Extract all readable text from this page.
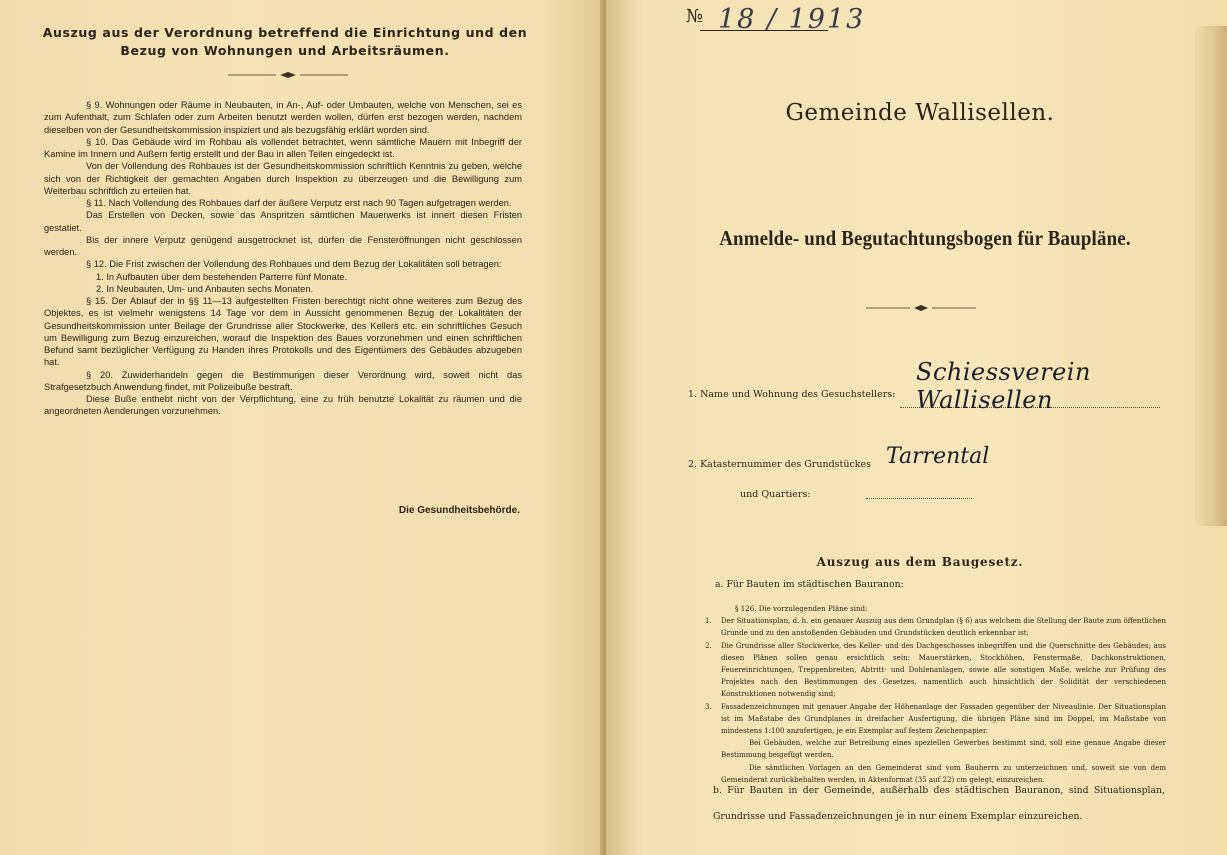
Auszug aus der Verordnung betreffend die Einrichtung und den
Bezug von Wohnungen und Arbeitsräumen.

§ 9. Wohnungen oder Räume in Neubauten, in An-, Auf- oder Umbauten, welche von Menschen, sei es zum Aufenthalt, zum Schlafen oder zum Arbeiten benutzt werden wollen, dürfen erst bezogen werden, nachdem dieselben von der Gesundheitskommission inspiziert und als bezugsfähig erklärt worden sind.

§ 10. Das Gebäude wird im Rohbau als vollendet betrachtet, wenn sämtliche Mauern mit Inbegriff der Kamine im Innern und Außern fertig erstellt und der Bau in allen Teilen eingedeckt ist.

Von der Vollendung des Rohbaues ist der Gesundheitskommission schriftlich Kenntnis zu geben, welche sich von der Richtigkeit der gemachten Angaben durch Inspektion zu überzeugen und die Bewilligung zum Weiterbau schriftlich zu erteilen hat.

§ 11. Nach Vollendung des Rohbaues darf der äußere Verputz erst nach 90 Tagen aufgetragen werden.

Das Erstellen von Decken, sowie das Anspritzen sämtlichen Mauerwerks ist innert diesen Fristen gestatiet.

Bis der innere Verputz genügend ausgetrocknet ist, dürfen die Fensteröffnungen nicht geschlossen werden.

§ 12. Die Frist zwischen der Vollendung des Rohbaues und dem Bezug der Lokalitäten soll betragen:

1. In Aufbauten über dem bestehenden Parterre fünf Monate.

2. In Neubauten, Um- und Anbauten sechs Monaten.

§ 15. Der Ablauf der in §§ 11—13 aufgestellten Fristen berechtigt nicht ohne weiteres zum Bezug des Objektes, es ist vielmehr wenigstens 14 Tage vor dem in Aussicht genommenen Bezug der Lokalitäten der Gesundheitskommission unter Beilage der Grundrisse aller Stockwerke, des Kellers etc. ein schriftliches Gesuch um Bewilligung zum Bezug einzureichen, worauf die Inspektion des Baues vorzunehmen und einen schriftlichen Befund samt bezüglicher Verfügung zu Handen ihres Protokolls und des Eigentümers des Gebäudes abzugeben hat.

§ 20. Zuwiderhandeln gegen die Bestimmungen dieser Verordnung wird, soweit nicht das Strafgesetzbuch Anwendung findet, mit Polizeibuße bestraft.

Diese Buße enthebt nicht von der Verpflichtung, eine zu früh benutzte Lokalität zu räumen und die angeordneten Aenderungen vorzunehmen.

Die Gesundheitsbehörde.
№ 18 / 1913
Gemeinde Wallisellen.
Anmelde- und Begutachtungsbogen für Baupläne.
1. Name und Wohnung des Gesuchstellers:
Schiessverein Wallisellen
2. Katasternummer des Grundstückes Tarrental
und Quartiers:
Auszug aus dem Baugesetz.
a. Für Bauten im städtischen Bauranon:

§ 126. Die vorzulegenden Pläne sind:

1.	Der Situationsplan, d. h. ein genauer Auszug aus dem Grundplan (§ 6) aus welchem die Stellung der Baute zum öffentlichen Grunde und zu den anstoßenden Gebäuden und Grundstücken deutlich erkennbar ist;
2.	Die Grundrisse aller Stockwerke, des Keller- und des Dachgeschosses inbegriffen und die Querschnitte des Gebäudes; aus diesen Plänen sollen genau ersichtlich sein: Mauerstärken, Stockhöhen, Fenstermaße, Dachkonstruktionen, Feuereinrichtungen, Treppenbreiten, Abtritt- und Dohlenanlagen, sowie alle sonstigen Maße, welche zur Prüfung des Projektes nach den Bestimmungen des Gesetzes, namentlich auch hinsichtlich der Solidität der verschiedenen Konstruktionen notwendig sind;
3.	Fassadenzeichnungen mit genauer Angabe der Höhenanlage der Fassaden gegenüber der Niveaulinie. Der Situationsplan ist im Maßstabe des Grundplanes in dreifacher Ausfertigung, die übrigen Pläne sind im Doppel, im Maßstabe von mindestens 1:100 anzufertigen, je ein Exemplar auf festem Zeichenpapier.

Bei Gebäuden, welche zur Betreibung eines speziellen Gewerbes bestimmt sind, soll eine genaue Angabe dieser Bestimmung beigefügt werden.

Die sämtlichen Vorlagen an den Gemeinderat sind vom Bauherrn zu unterzeichnen und, soweit sie von dem Gemeinderat zurückbehalten werden, in Aktenformat (35 auf 22) cm gelegt, einzureichen.

b. Für Bauten in der Gemeinde, außerhalb des städtischen Bauranon, sind Situationsplan, Grundrisse und Fassadenzeichnungen je in nur einem Exemplar einzureichen.
